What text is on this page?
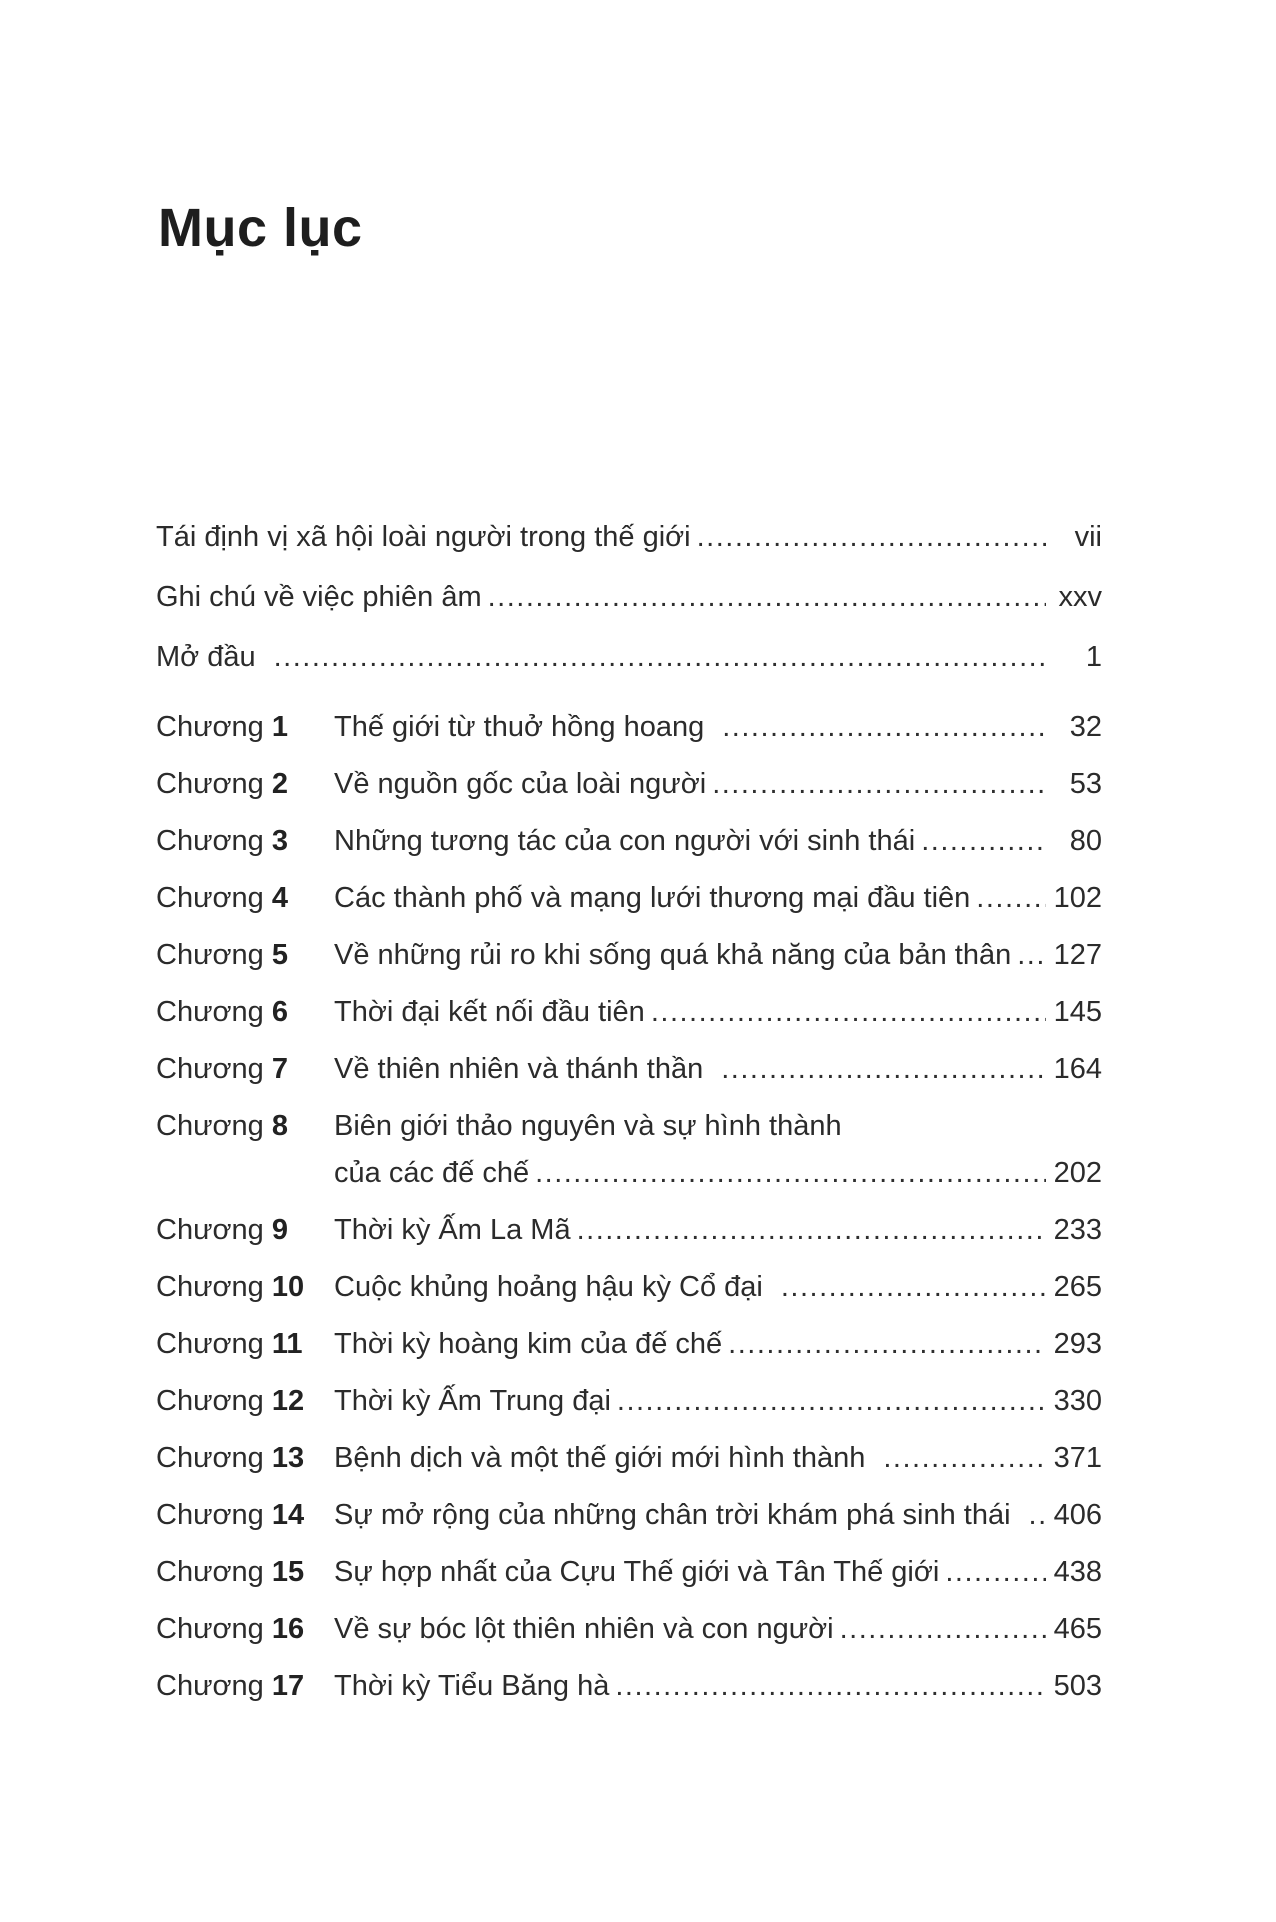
Mục lục
Tái định vị xã hội loài người trong thế giới .....	vii
Ghi chú về việc phiên âm .....	xxv
Mở đầu .....	1
Chương 1	Thế giới từ thuở hồng hoang .....	32
Chương 2	Về nguồn gốc của loài người .....	53
Chương 3	Những tương tác của con người với sinh thái .....	80
Chương 4	Các thành phố và mạng lưới thương mại đầu tiên .....	102
Chương 5	Về những rủi ro khi sống quá khả năng của bản thân ..... 127
Chương 6	Thời đại kết nối đầu tiên .....	145
Chương 7	Về thiên nhiên và thánh thần .....	164
Chương 8	Biên giới thảo nguyên và sự hình thành
của các đế chế .....	202
Chương 9	Thời kỳ Ấm La Mã .....	233
Chương 10	Cuộc khủng hoảng hậu kỳ Cổ đại .....	265
Chương 11	Thời kỳ hoàng kim của đế chế .....	293
Chương 12	Thời kỳ Ấm Trung đại .....	330
Chương 13	Bệnh dịch và một thế giới mới hình thành .....	371
Chương 14	Sự mở rộng của những chân trời khám phá sinh thái ..... 406
Chương 15	Sự hợp nhất của Cựu Thế giới và Tân Thế giới .....	438
Chương 16	Về sự bóc lột thiên nhiên và con người .....	465
Chương 17	Thời kỳ Tiểu Băng hà .....	503
